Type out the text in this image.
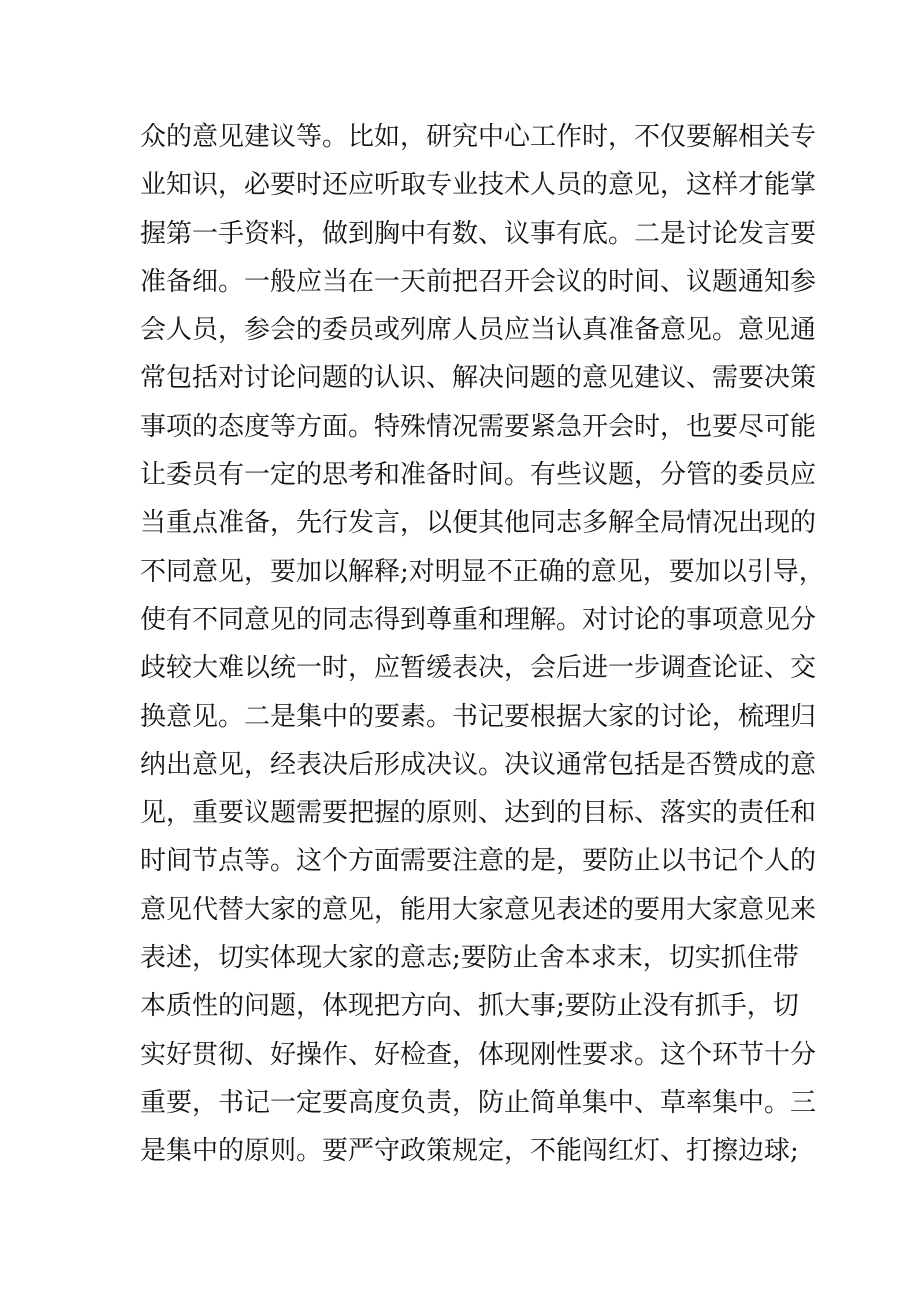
众的意见建议等。比如，研究中心工作时，不仅要解相关专
业知识，必要时还应听取专业技术人员的意见，这样才能掌
握第一手资料，做到胸中有数、议事有底。二是讨论发言要
准备细。一般应当在一天前把召开会议的时间、议题通知参
会人员，参会的委员或列席人员应当认真准备意见。意见通
常包括对讨论问题的认识、解决问题的意见建议、需要决策
事项的态度等方面。特殊情况需要紧急开会时，也要尽可能
让委员有一定的思考和准备时间。有些议题，分管的委员应
当重点准备，先行发言，以便其他同志多解全局情况出现的
不同意见，要加以解释;对明显不正确的意见，要加以引导，
使有不同意见的同志得到尊重和理解。对讨论的事项意见分
歧较大难以统一时，应暂缓表决，会后进一步调查论证、交
换意见。二是集中的要素。书记要根据大家的讨论，梳理归
纳出意见，经表决后形成决议。决议通常包括是否赞成的意
见，重要议题需要把握的原则、达到的目标、落实的责任和
时间节点等。这个方面需要注意的是，要防止以书记个人的
意见代替大家的意见，能用大家意见表述的要用大家意见来
表述，切实体现大家的意志;要防止舍本求末，切实抓住带
本质性的问题，体现把方向、抓大事;要防止没有抓手，切
实好贯彻、好操作、好检查，体现刚性要求。这个环节十分
重要，书记一定要高度负责，防止简单集中、草率集中。三
是集中的原则。要严守政策规定，不能闯红灯、打擦边球;
